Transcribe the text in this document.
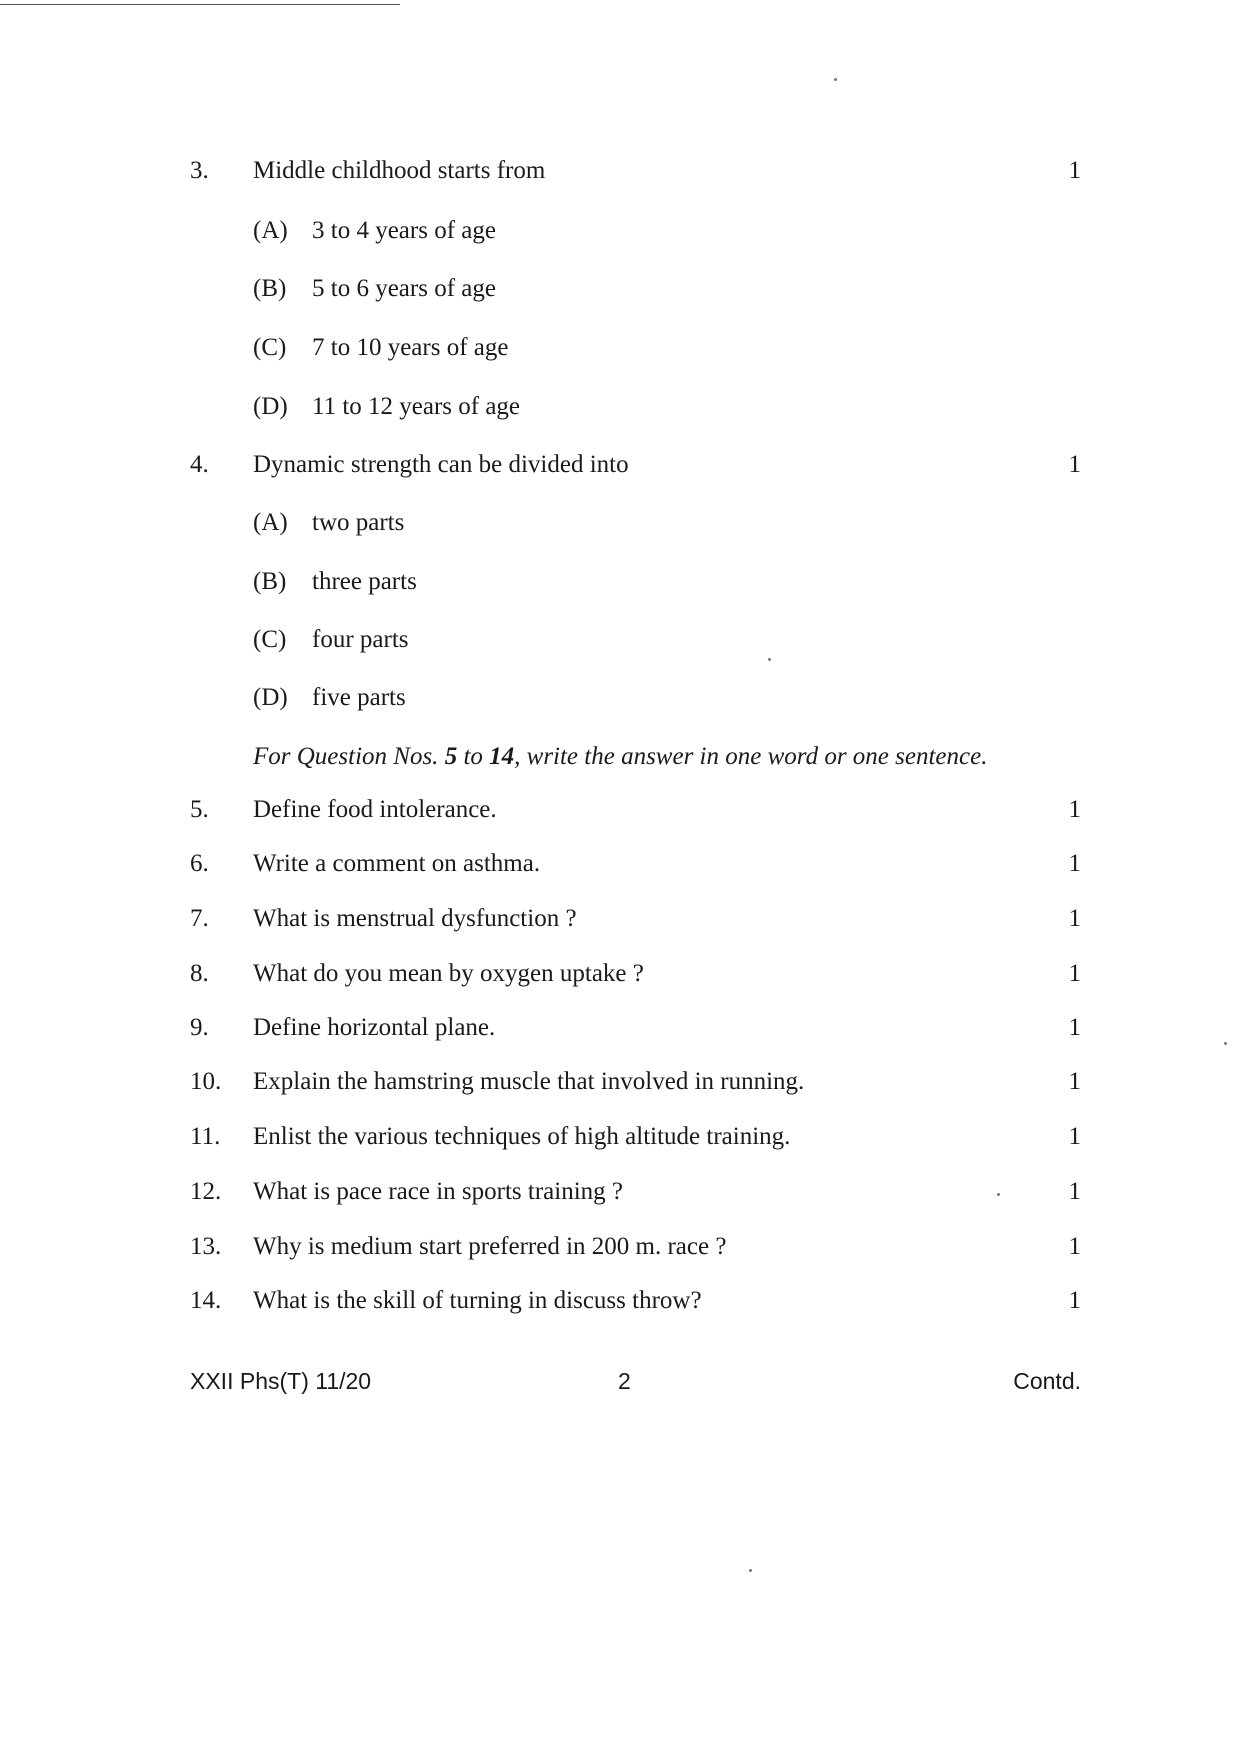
3. Middle childhood starts from	1
(A) 3 to 4 years of age
(B) 5 to 6 years of age
(C) 7 to 10 years of age
(D) 11 to 12 years of age
4. Dynamic strength can be divided into	1
(A) two parts
(B) three parts
(C) four parts
(D) five parts
For Question Nos. 5 to 14, write the answer in one word or one sentence.
5. Define food intolerance.	1
6. Write a comment on asthma.	1
7. What is menstrual dysfunction ?	1
8. What do you mean by oxygen uptake ?	1
9. Define horizontal plane.	1
10. Explain the hamstring muscle that involved in running.	1
11. Enlist the various techniques of high altitude training.	1
12. What is pace race in sports training ?	1
13. Why is medium start preferred in 200 m. race ?	1
14. What is the skill of turning in discuss throw?	1
XXII Phs(T) 11/20	2	Contd.
